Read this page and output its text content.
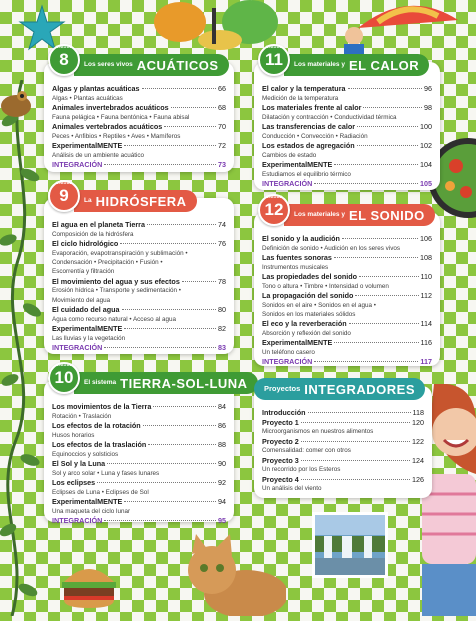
UNIDAD
8 Los seres vivos ACUÁTICOS
Algas y plantas acuáticas	66
Algas • Plantas acuáticas
Animales invertebrados acuáticos	68
Fauna pelágica • Fauna bentónica • Fauna abisal
Animales vertebrados acuáticos	70
Peces • Anfibios • Reptiles • Aves • Mamíferos
ExperimentalMENTE	72
Análisis de un ambiente acuático
INTEGRACIÓN	73
UNIDAD
9 La HIDRÓSFERA
El agua en el planeta Tierra	74
Composición de la hidrósfera
El ciclo hidrológico	76
Evaporación, evapotranspiración y sublimación •
Condensación • Precipitación • Fusión •
Escorrentía y filtración
El movimiento del agua y sus efectos	78
Erosión hídrica • Transporte y sedimentación •
Movimiento del agua
El cuidado del agua	80
Agua como recurso natural • Acceso al agua
ExperimentalMENTE	82
Las lluvias y la vegetación
INTEGRACIÓN	83
UNIDAD
10 El sistema TIERRA-SOL-LUNA
Los movimientos de la Tierra	84
Rotación • Traslación
Los efectos de la rotación	86
Husos horarios
Los efectos de la traslación	88
Equinoccios y solsticios
El Sol y la Luna	90
Sol y arco solar • Luna y fases lunares
Los eclipses	92
Eclipses de Luna • Eclipses de Sol
ExperimentalMENTE	94
Una maqueta del ciclo lunar
INTEGRACIÓN	95
UNIDAD
11 Los materiales y EL CALOR
El calor y la temperatura	96
Medición de la temperatura
Los materiales frente al calor	98
Dilatación y contracción • Conductividad térmica
Las transferencias de calor	100
Conducción • Convección • Radiación
Los estados de agregación	102
Cambios de estado
ExperimentalMENTE	104
Estudiamos el equilibrio térmico
INTEGRACIÓN	105
UNIDAD
12 Los materiales y EL SONIDO
El sonido y la audición	106
Definición de sonido • Audición en los seres vivos
Las fuentes sonoras	108
Instrumentos musicales
Las propiedades del sonido	110
Tono o altura • Timbre • Intensidad o volumen
La propagación del sonido	112
Sonidos en el aire • Sonidos en el agua •
Sonidos en los materiales sólidos
El eco y la reverberación	114
Absorción y reflexión del sonido
ExperimentalMENTE	116
Un teléfono casero
INTEGRACIÓN	117
Proyectos INTEGRADORES
Introducción	118
Proyecto 1	120
Microorganismos en nuestros alimentos
Proyecto 2	122
Comensalidad: comer con otros
Proyecto 3	124
Un recorrido por los Esteros
Proyecto 4	126
Un análisis del viento
